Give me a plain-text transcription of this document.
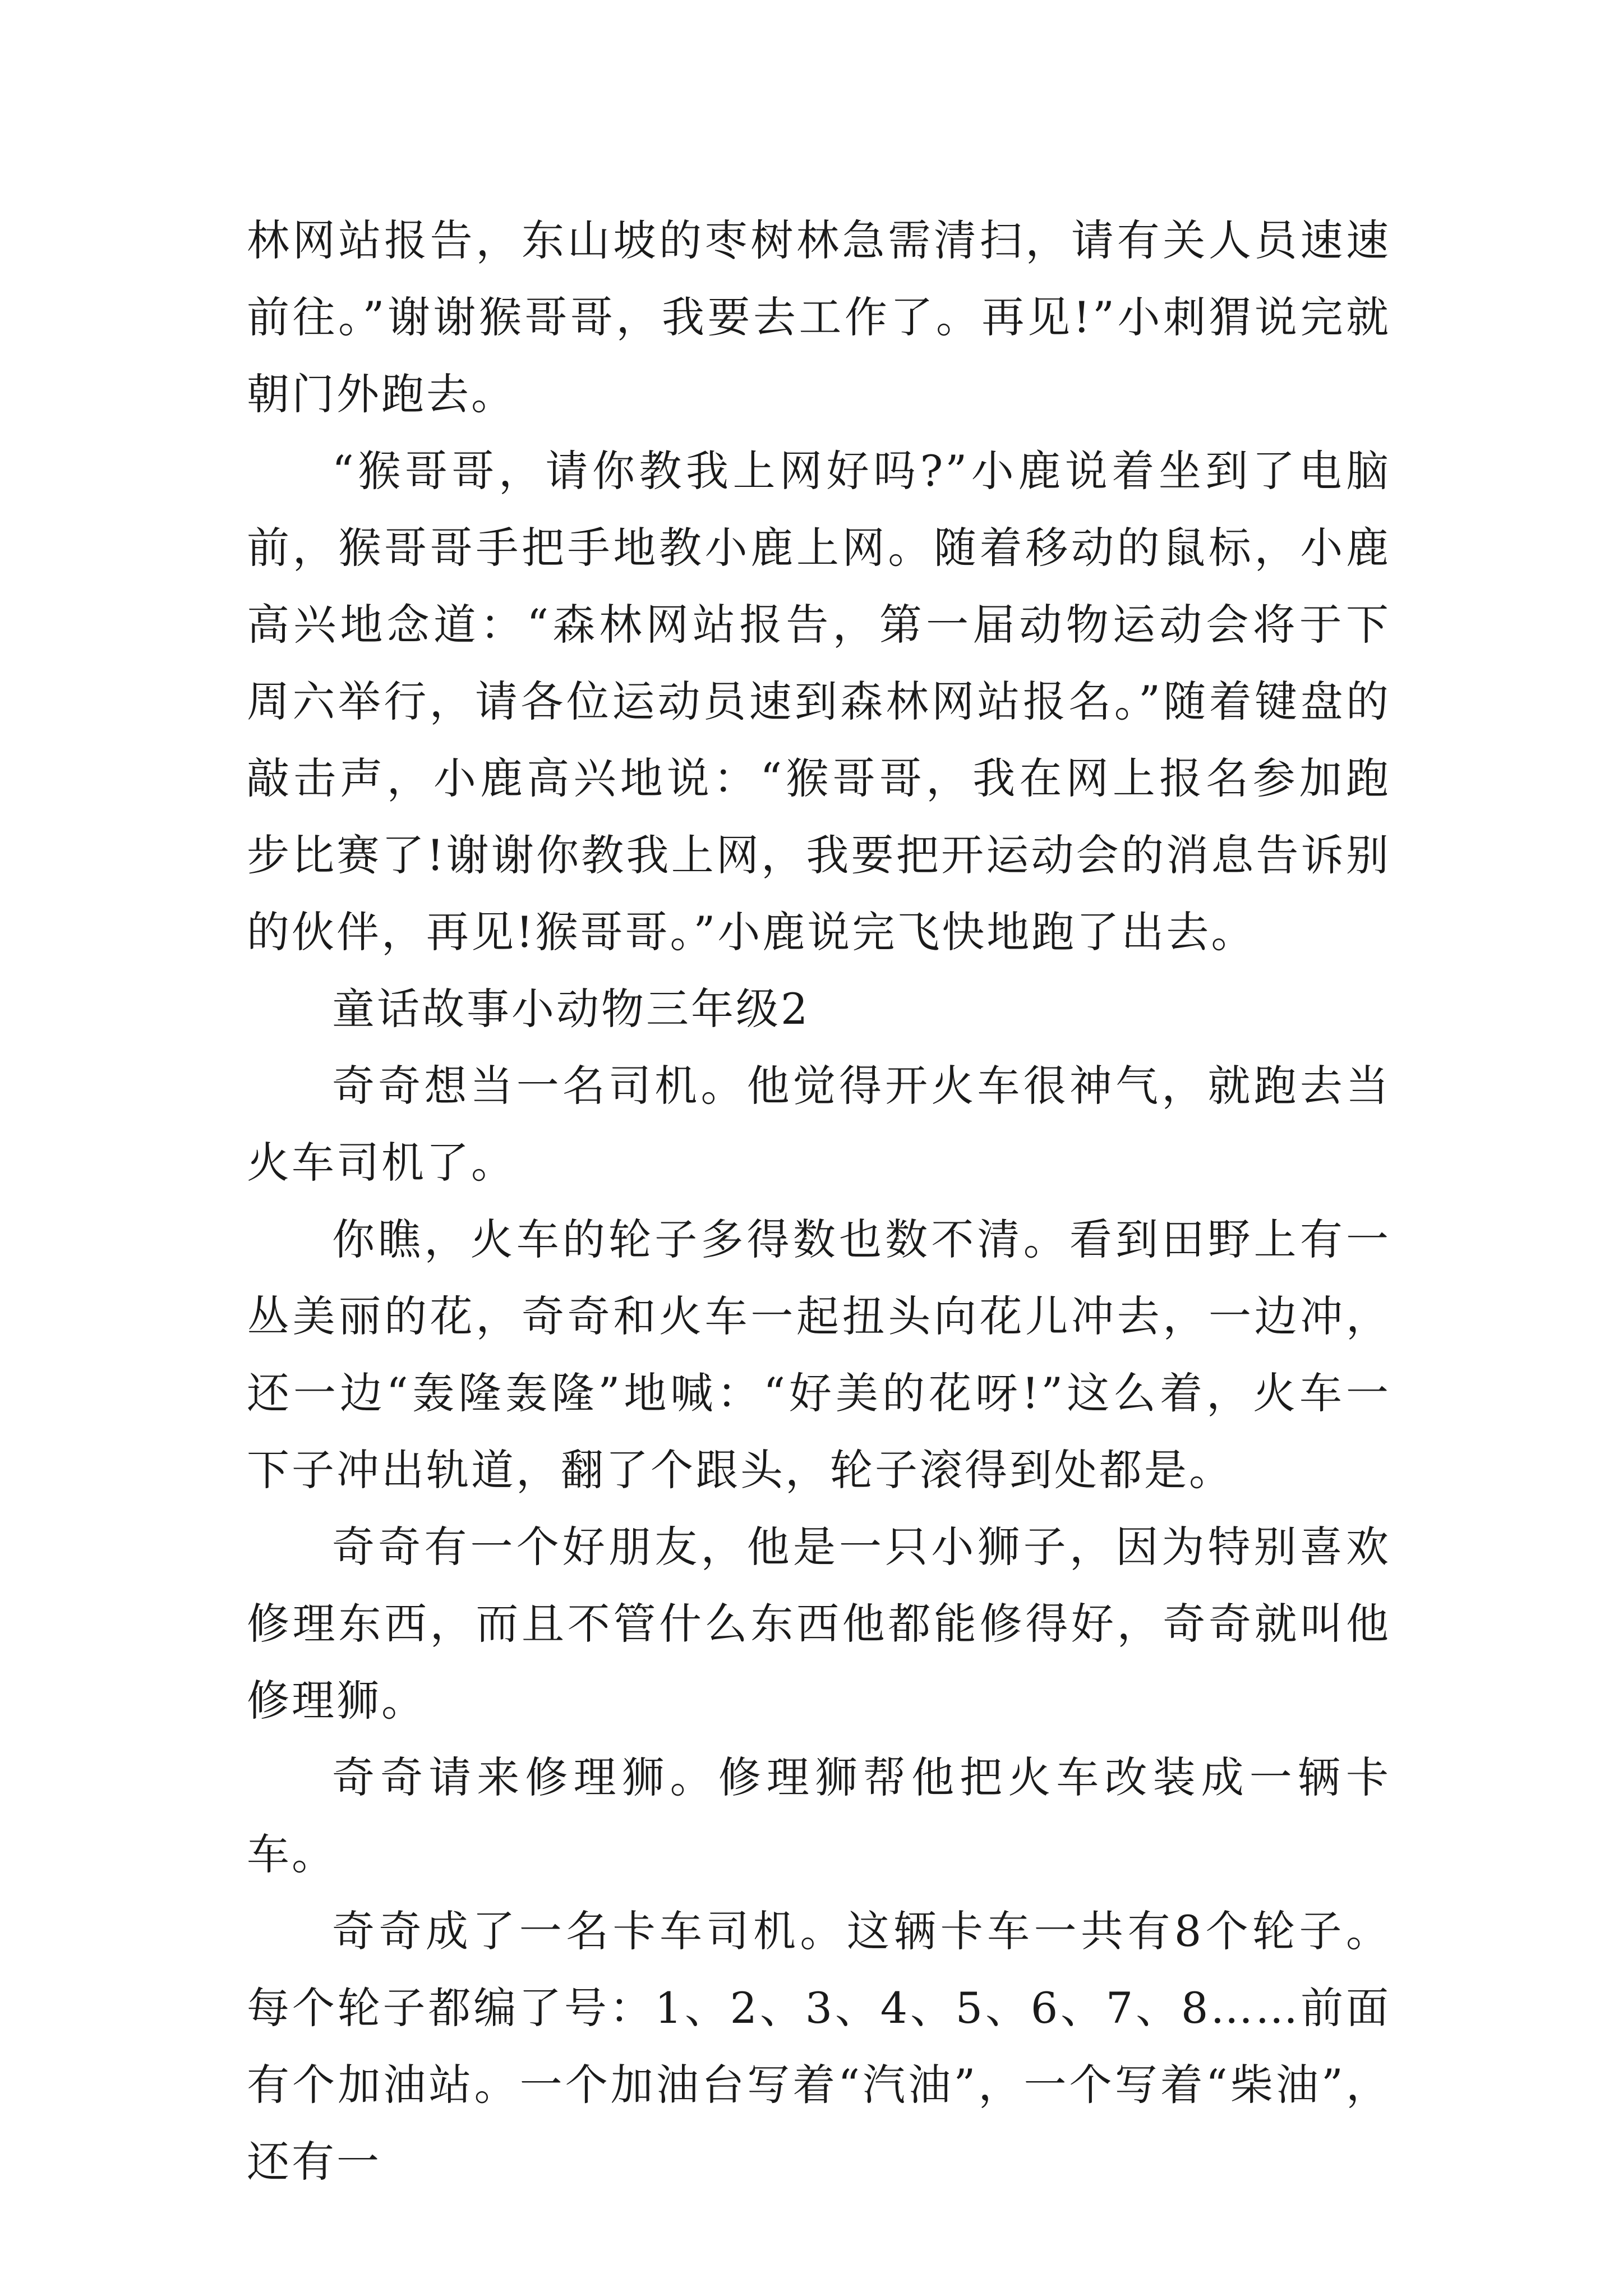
林网站报告，东山坡的枣树林急需清扫，请有关人员速速前往。”谢谢猴哥哥，我要去工作了。再见!”小刺猬说完就朝门外跑去。

“猴哥哥，请你教我上网好吗?”小鹿说着坐到了电脑前，猴哥哥手把手地教小鹿上网。随着移动的鼠标，小鹿高兴地念道：“森林网站报告，第一届动物运动会将于下周六举行，请各位运动员速到森林网站报名。”随着键盘的敲击声，小鹿高兴地说：“猴哥哥，我在网上报名参加跑步比赛了!谢谢你教我上网，我要把开运动会的消息告诉别的伙伴，再见!猴哥哥。”小鹿说完飞快地跑了出去。

童话故事小动物三年级2

奇奇想当一名司机。他觉得开火车很神气，就跑去当火车司机了。

你瞧，火车的轮子多得数也数不清。看到田野上有一丛美丽的花，奇奇和火车一起扭头向花儿冲去，一边冲，还一边“轰隆轰隆”地喊：“好美的花呀!”这么着，火车一下子冲出轨道，翻了个跟头，轮子滚得到处都是。

奇奇有一个好朋友，他是一只小狮子，因为特别喜欢修理东西，而且不管什么东西他都能修得好，奇奇就叫他修理狮。

奇奇请来修理狮。修理狮帮他把火车改装成一辆卡车。

奇奇成了一名卡车司机。这辆卡车一共有8个轮子。每个轮子都编了号：1、2、3、4、5、6、7、8……前面有个加油站。一个加油台写着“汽油”，一个写着“柴油”，还有一
